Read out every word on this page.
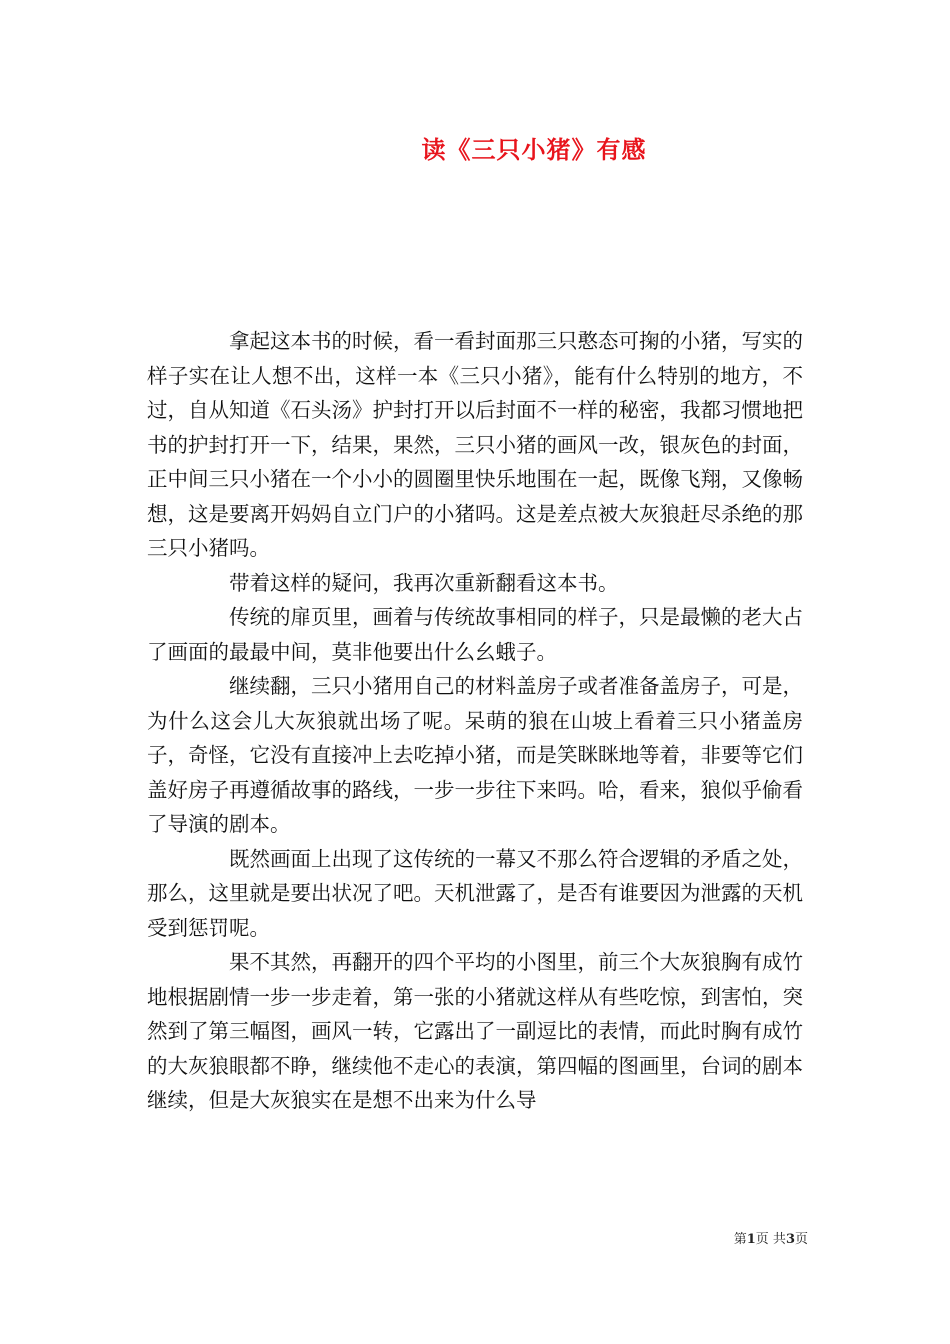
读《三只小猪》有感

拿起这本书的时候，看一看封面那三只憨态可掬的小猪，写实的样子实在让人想不出，这样一本《三只小猪》，能有什么特别的地方，不过，自从知道《石头汤》护封打开以后封面不一样的秘密，我都习惯地把书的护封打开一下，结果，果然，三只小猪的画风一改，银灰色的封面，正中间三只小猪在一个小小的圆圈里快乐地围在一起，既像飞翔，又像畅想，这是要离开妈妈自立门户的小猪吗。这是差点被大灰狼赶尽杀绝的那三只小猪吗。

带着这样的疑问，我再次重新翻看这本书。

传统的扉页里，画着与传统故事相同的样子，只是最懒的老大占了画面的最最中间，莫非他要出什么幺蛾子。

继续翻，三只小猪用自己的材料盖房子或者准备盖房子，可是，为什么这会儿大灰狼就出场了呢。呆萌的狼在山坡上看着三只小猪盖房子，奇怪，它没有直接冲上去吃掉小猪，而是笑眯眯地等着，非要等它们盖好房子再遵循故事的路线，一步一步往下来吗。哈，看来，狼似乎偷看了导演的剧本。

既然画面上出现了这传统的一幕又不那么符合逻辑的矛盾之处，那么，这里就是要出状况了吧。天机泄露了，是否有谁要因为泄露的天机受到惩罚呢。

果不其然，再翻开的四个平均的小图里，前三个大灰狼胸有成竹地根据剧情一步一步走着，第一张的小猪就这样从有些吃惊，到害怕，突然到了第三幅图，画风一转，它露出了一副逗比的表情，而此时胸有成竹的大灰狼眼都不睁，继续他不走心的表演，第四幅的图画里，台词的剧本继续，但是大灰狼实在是想不出来为什么导

第1页 共3页
